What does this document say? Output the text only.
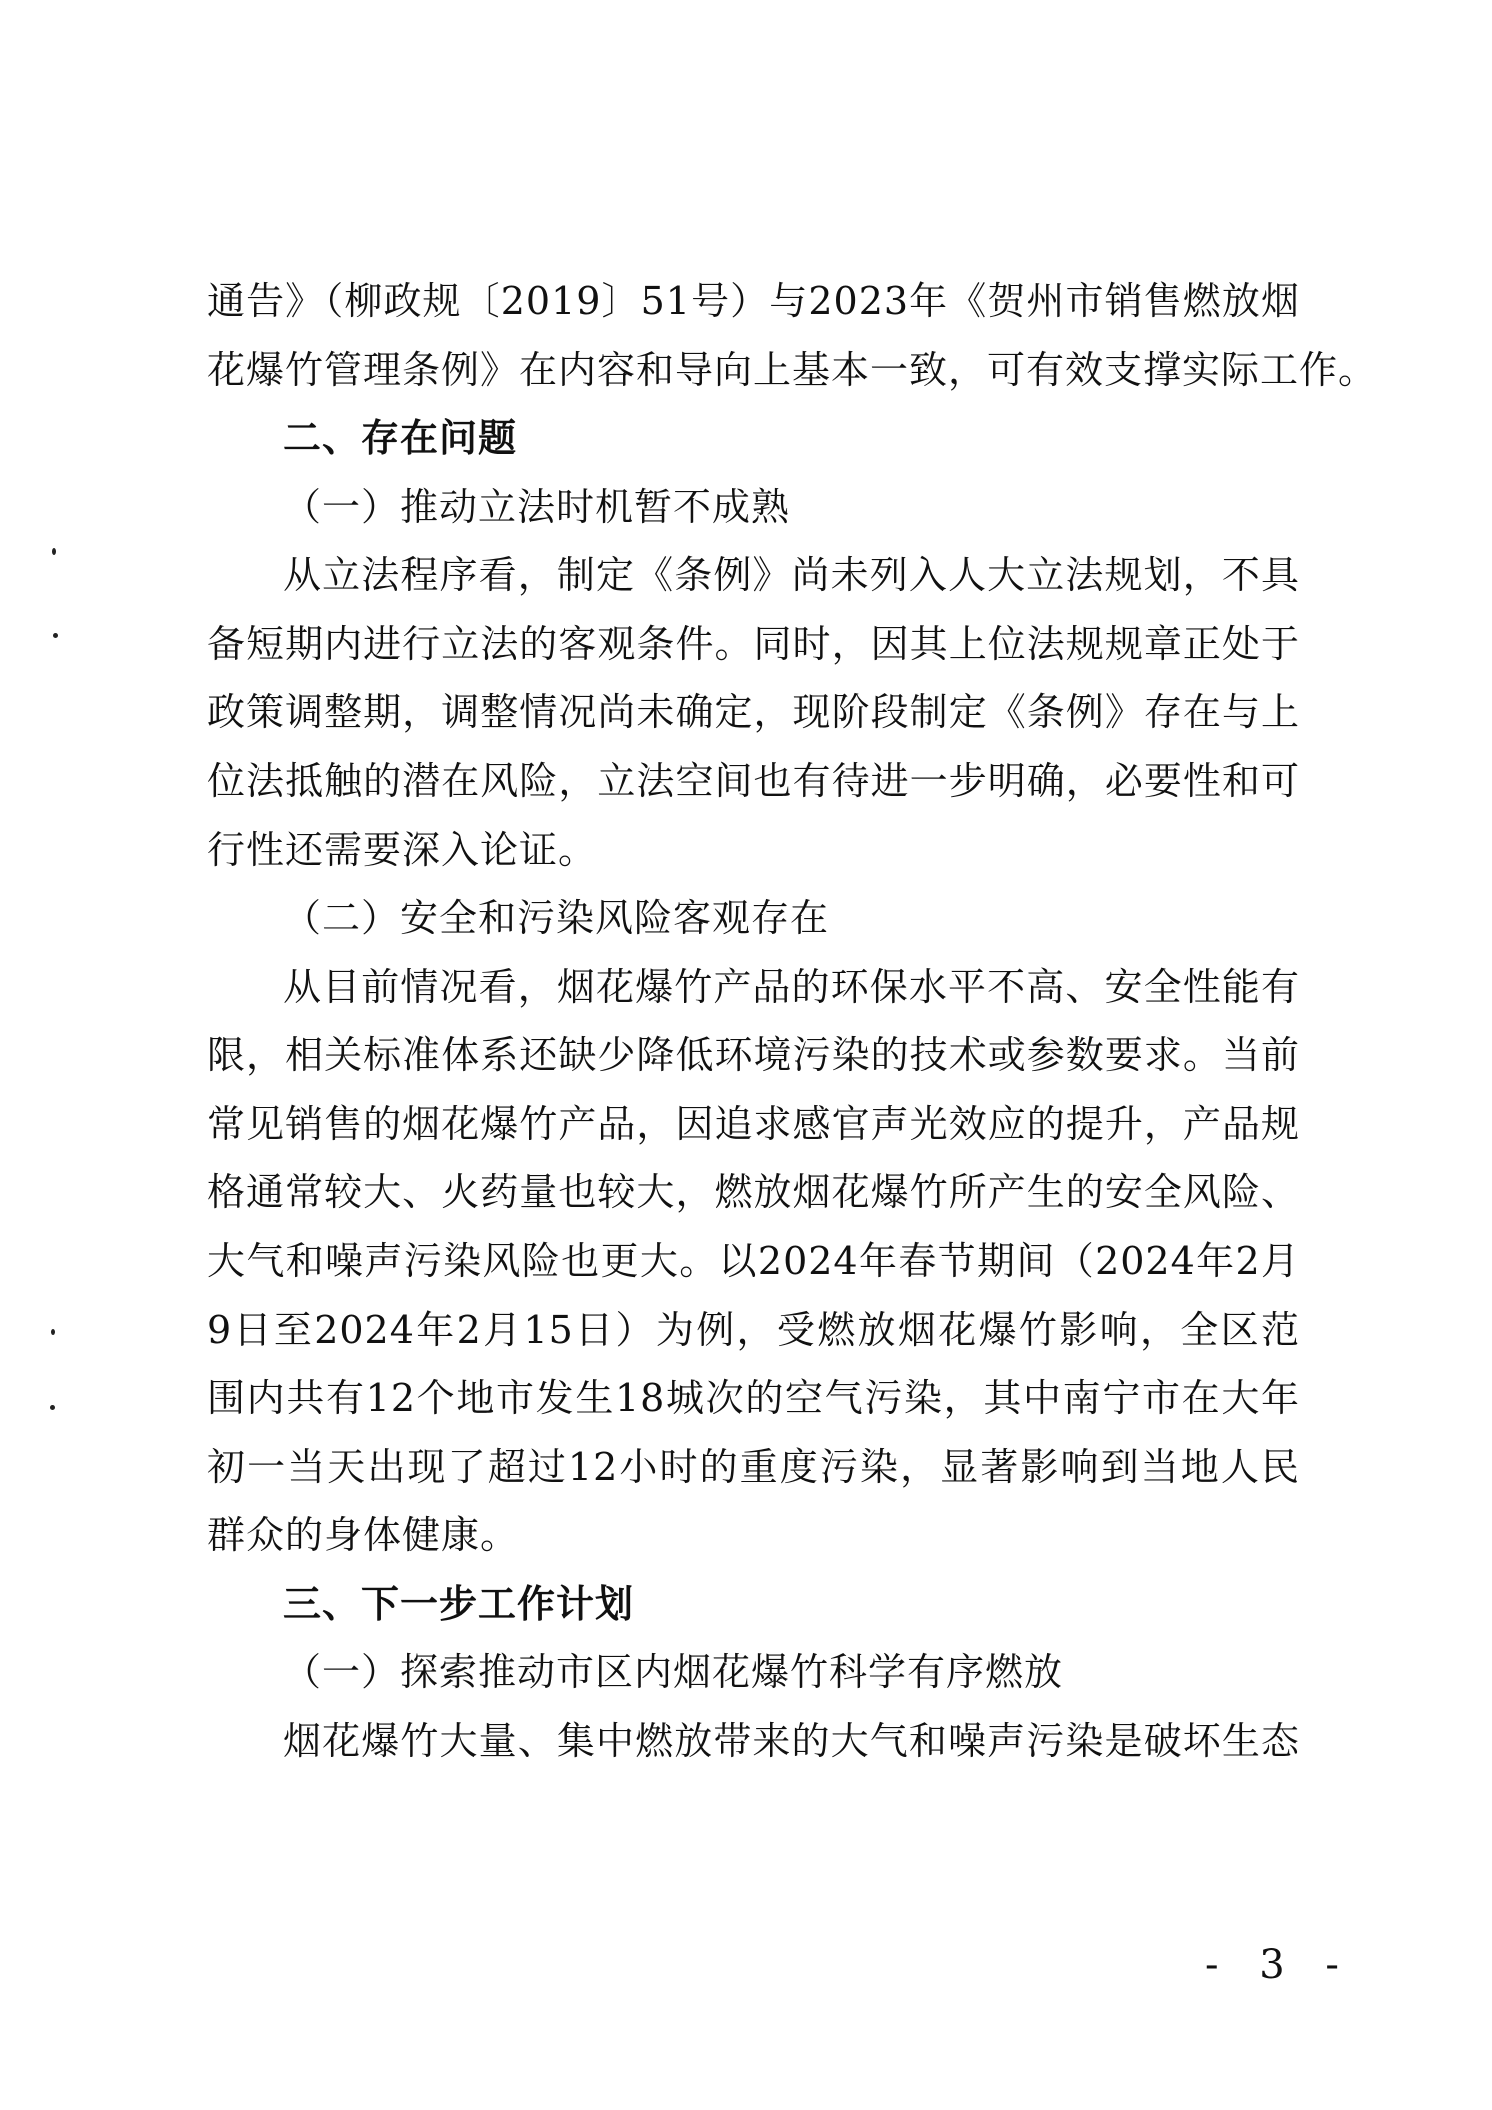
通告》（柳政规〔2019〕51号）与2023年《贺州市销售燃放烟
花爆竹管理条例》在内容和导向上基本一致，可有效支撑实际工作。
二、存在问题
（一）推动立法时机暂不成熟
从立法程序看，制定《条例》尚未列入人大立法规划，不具
备短期内进行立法的客观条件。同时，因其上位法规规章正处于
政策调整期，调整情况尚未确定，现阶段制定《条例》存在与上
位法抵触的潜在风险，立法空间也有待进一步明确，必要性和可
行性还需要深入论证。
（二）安全和污染风险客观存在
从目前情况看，烟花爆竹产品的环保水平不高、安全性能有
限，相关标准体系还缺少降低环境污染的技术或参数要求。当前
常见销售的烟花爆竹产品，因追求感官声光效应的提升，产品规
格通常较大、火药量也较大，燃放烟花爆竹所产生的安全风险、
大气和噪声污染风险也更大。以2024年春节期间（2024年2月
9日至2024年2月15日）为例，受燃放烟花爆竹影响，全区范
围内共有12个地市发生18城次的空气污染，其中南宁市在大年
初一当天出现了超过12小时的重度污染，显著影响到当地人民
群众的身体健康。
三、下一步工作计划
（一）探索推动市区内烟花爆竹科学有序燃放
烟花爆竹大量、集中燃放带来的大气和噪声污染是破坏生态
- 3 -
